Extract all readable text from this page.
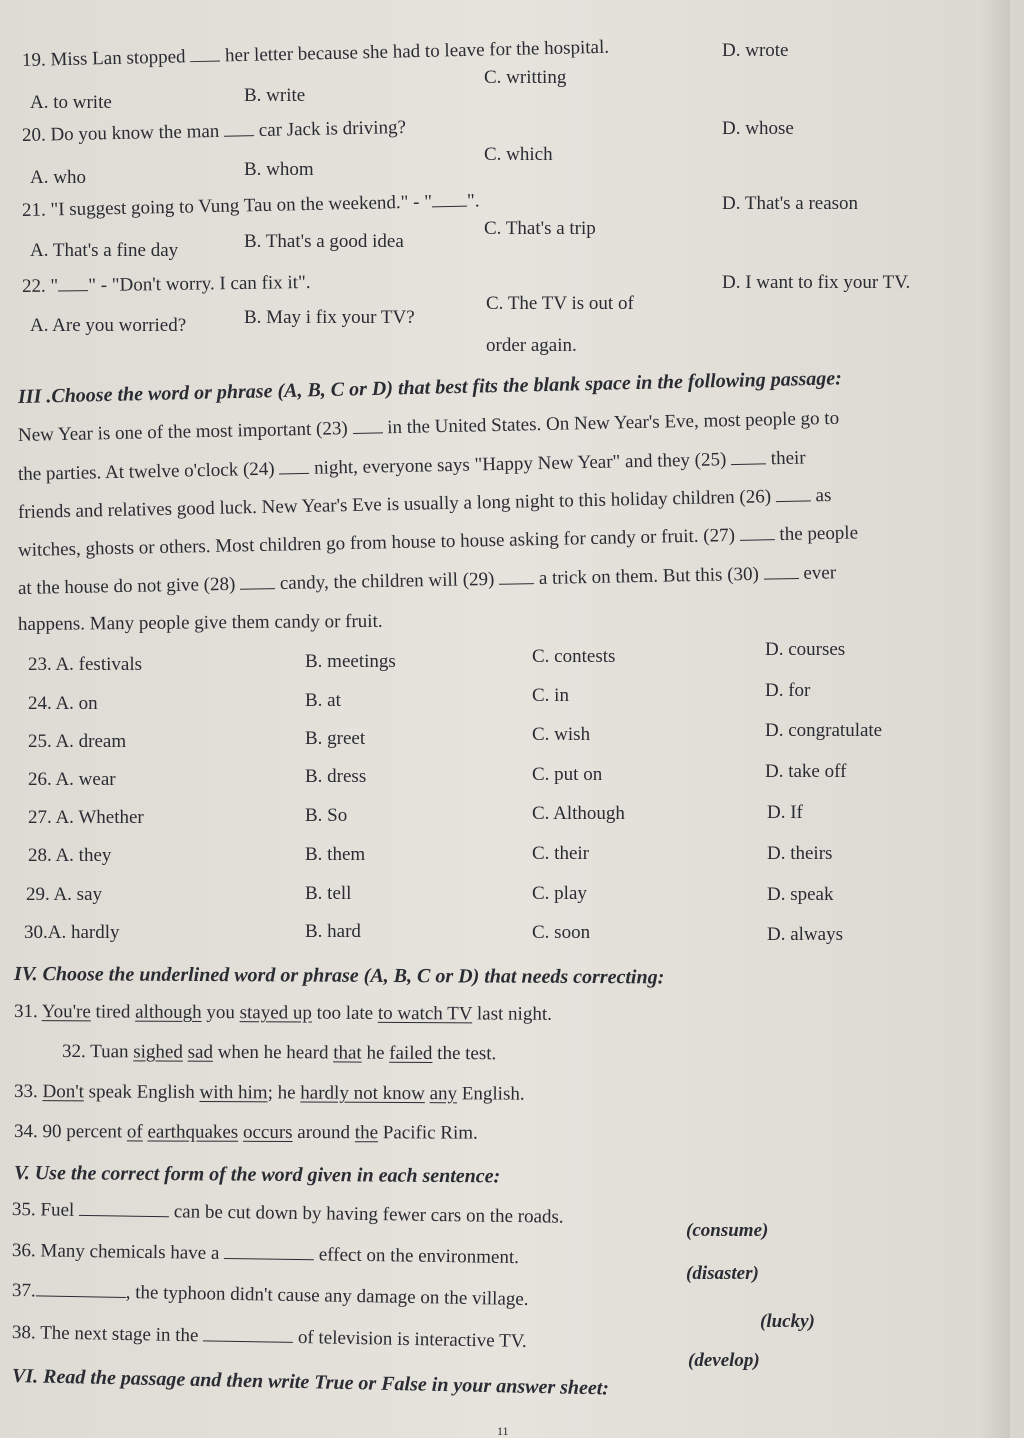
19. Miss Lan stopped her letter because she had to leave for the hospital.
A. to write	B. write
C. writting
D. wrote
20. Do you know the man car Jack is driving?
A. who	B. whom
C. which
D. whose
21. "I suggest going to Vung Tau on the weekend." - " ".
A. That's a fine day	B. That's a good idea
C. That's a trip
D. That's a reason
22. " " - "Don't worry. I can fix it".
A. Are you worried?	B. May i fix your TV?
C. The TV is out of
order again.
D. I want to fix your TV.
III .Choose the word or phrase (A, B, C or D) that best fits the blank space in the following passage:
New Year is one of the most important (23) in the United States. On New Year's Eve, most people go to
the parties. At twelve o'clock (24) night, everyone says "Happy New Year" and they (25) their
friends and relatives good luck. New Year's Eve is usually a long night to this holiday children (26) as
witches, ghosts or others. Most children go from house to house asking for candy or fruit. (27) the people
at the house do not give (28) candy, the children will (29) a trick on them. But this (30) ever
happens. Many people give them candy or fruit.
23. A. festivals	B. meetings	C. contests	D. courses
24. A. on	B. at	C. in	D. for
25. A. dream	B. greet	C. wish	D. congratulate
26. A. wear	B. dress	C. put on	D. take off
27. A. Whether	B. So	C. Although	D. If
28. A. they	B. them	C. their	D. theirs
29. A. say	B. tell	C. play	D. speak
30.A. hardly	B. hard	C. soon	D. always
IV. Choose the underlined word or phrase (A, B, C or D) that needs correcting:
31. You're tired although you stayed up too late to watch TV last night.
32. Tuan sighed sad when he heard that he failed the test.
33. Don't speak English with him; he hardly not know any English.
34. 90 percent of earthquakes occurs around the Pacific Rim.
V. Use the correct form of the word given in each sentence:
35. Fuel	can be cut down by having fewer cars on the roads.
(consume)
36. Many chemicals have a	effect on the environment.
(disaster)
37.	, the typhoon didn't cause any damage on the village.
(lucky)
38. The next stage in the	of television is interactive TV.
(develop)
VI. Read the passage and then write True or False in your answer sheet:
11
